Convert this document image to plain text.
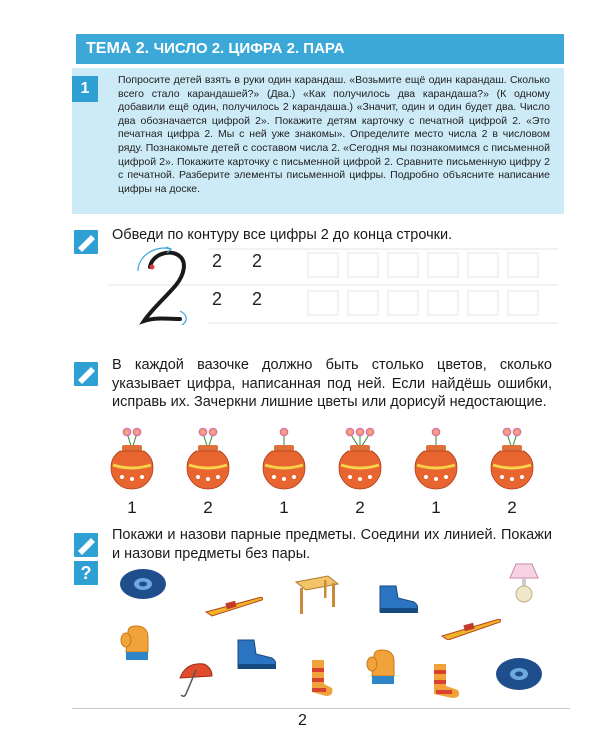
ТЕМА 2. ЧИСЛО 2. ЦИФРА 2. ПАРА
1	Попросите детей взять в руки один карандаш. «Возьмите ещё один карандаш. Сколько всего стало карандашей?» (Два.) «Как получилось два карандаша?» (К одному добавили ещё один, получилось 2 карандаша.) «Значит, один и один будет два. Число два обозначается цифрой 2». Покажите детям карточку с печатной цифрой 2. «Это печатная цифра 2. Мы с ней уже знакомы». Определите место числа 2 в числовом ряду. Познакомьте детей с составом числа 2. «Сегодня мы познакомимся с письменной цифрой 2». Покажите карточку с письменной цифрой 2. Сравните письменную цифру 2 с печатной. Разберите элементы письменной цифры. Подробно объясните написание цифры на доске.

Обведи по контуру все цифры 2 до конца строчки.

2 2
2 2

В каждой вазочке должно быть столько цветов, сколько указывает цифра, написанная под ней. Если найдёшь ошибки, исправь их. Зачеркни лишние цветы или дорисуй недостающие.

1	2	1	2	1	2
?

Покажи и назови парные предметы. Соедини их линией. Покажи и назови предметы без пары.

2
